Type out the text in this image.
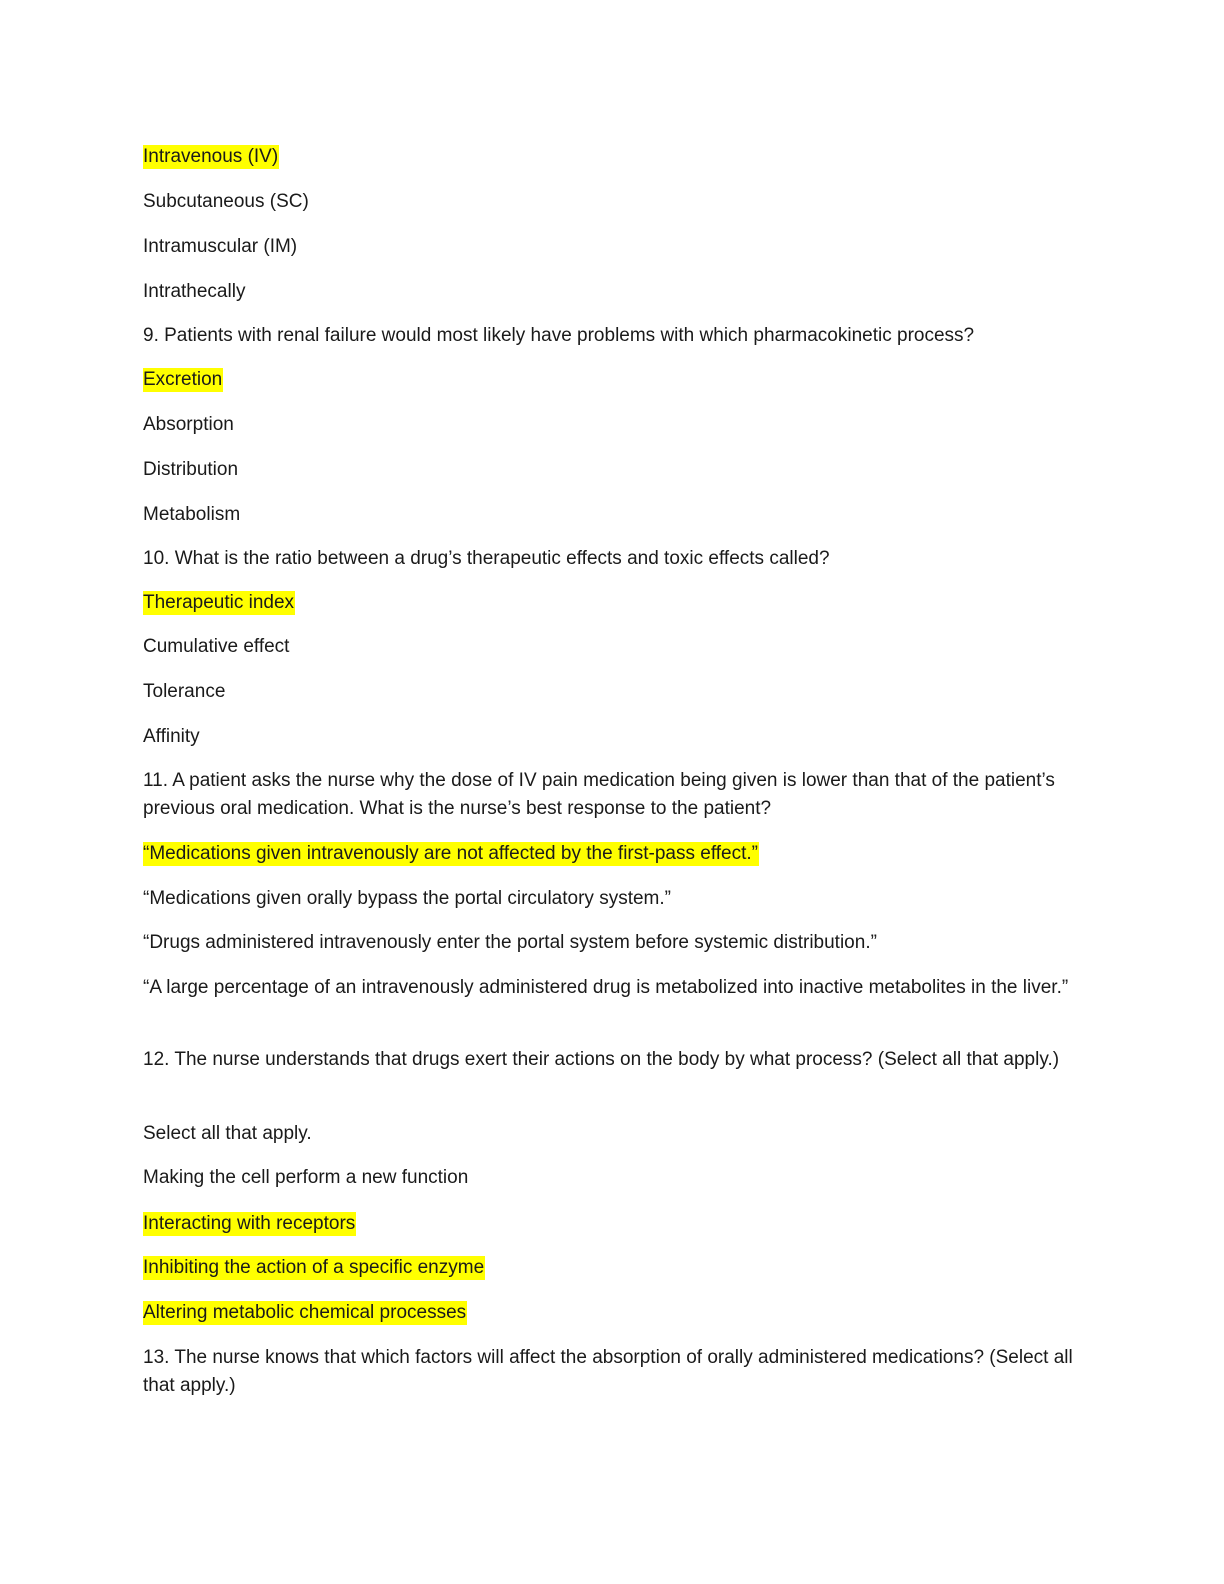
Intravenous (IV)
Subcutaneous (SC)
Intramuscular (IM)
Intrathecally
9. Patients with renal failure would most likely have problems with which pharmacokinetic process?
Excretion
Absorption
Distribution
Metabolism
10. What is the ratio between a drug’s therapeutic effects and toxic effects called?
Therapeutic index
Cumulative effect
Tolerance
Affinity
11. A patient asks the nurse why the dose of IV pain medication being given is lower than that of the patient’s previous oral medication. What is the nurse’s best response to the patient?
“Medications given intravenously are not affected by the first-pass effect.”
“Medications given orally bypass the portal circulatory system.”
“Drugs administered intravenously enter the portal system before systemic distribution.”
“A large percentage of an intravenously administered drug is metabolized into inactive metabolites in the liver.”
12. The nurse understands that drugs exert their actions on the body by what process? (Select all that apply.)
Select all that apply.
Making the cell perform a new function
Interacting with receptors
Inhibiting the action of a specific enzyme
Altering metabolic chemical processes
13. The nurse knows that which factors will affect the absorption of orally administered medications? (Select all that apply.)
